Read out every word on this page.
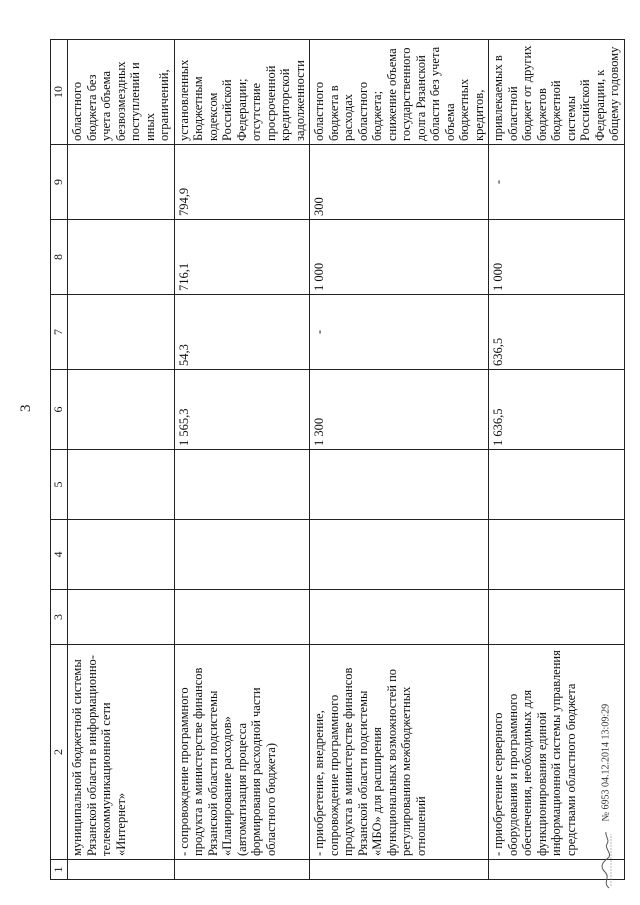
3
1	2	3	4	5	6	7	8	9	10
	муниципальной бюджетной системы Рязанской области в информационно-телекоммуникационной сети «Интернет»								областного бюджета без учета объема безвозмездных поступлений и иных ограничений,
	- сопровождение программного продукта в министерстве финансов Рязанской области подсистемы «Планирование расходов» (автоматизация процесса формирования расходной части областного бюджета)				1 565,3	54,3	716,1	794,9	установленных Бюджетным кодексом Российской Федерации; отсутствие просроченной кредиторской задолженности
	- приобретение, внедрение, сопровождение программного продукта в министерстве финансов Рязанской области подсистемы «МБО» для расширения функциональных возможностей по регулированию межбюджетных отношений				1 300	-	1 000	300	областного бюджета в расходах областного бюджета; снижение объема государственного долга Рязанской области без учета объема бюджетных кредитов,
	- приобретение серверного оборудования и программного обеспечения, необходимых для функционирования единой информационной системы управления средствами областного бюджета				1 636,5	636,5	1 000	-	привлекаемых в областной бюджет от других бюджетов бюджетной системы Российской Федерации, к общему годовому
№ 6953 04.12.2014 13:09:29
